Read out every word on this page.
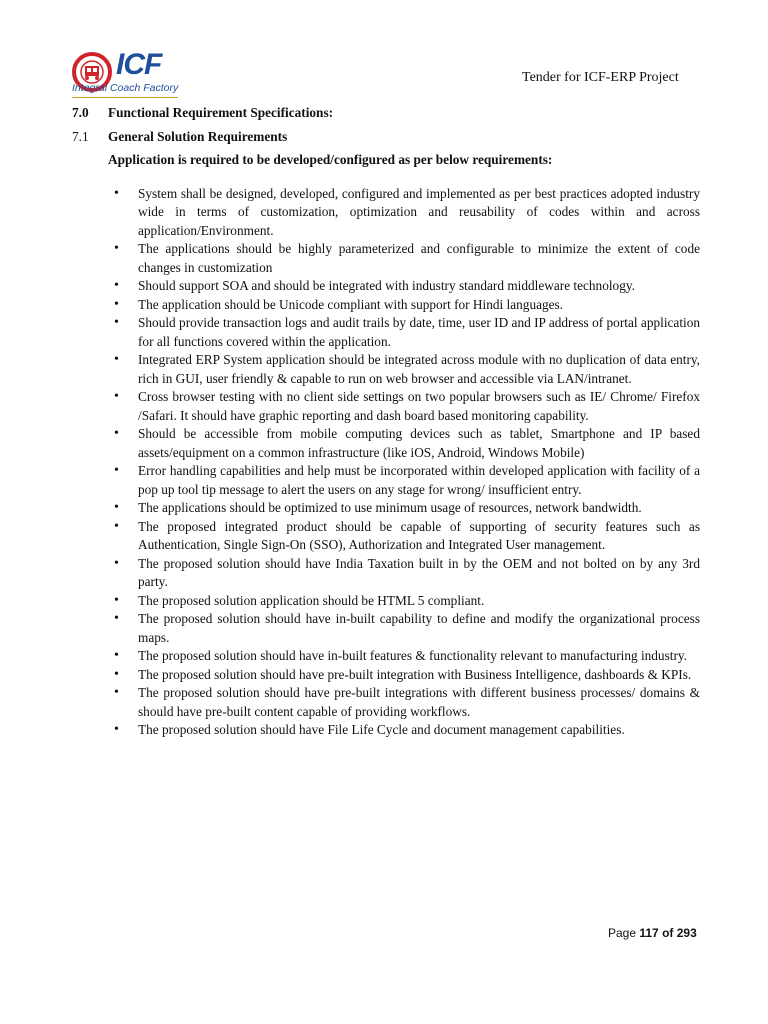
ICF
Integral Coach Factory
Tender for ICF-ERP Project
7.0	Functional Requirement Specifications:
7.1	General Solution Requirements
Application is required to be developed/configured as per below requirements:
• System shall be designed, developed, configured and implemented as per best practices adopted industry wide in terms of customization, optimization and reusability of codes within and across application/Environment.
• The applications should be highly parameterized and configurable to minimize the extent of code changes in customization
• Should support SOA and should be integrated with industry standard middleware technology.
• The application should be Unicode compliant with support for Hindi languages.
• Should provide transaction logs and audit trails by date, time, user ID and IP address of portal application for all functions covered within the application.
• Integrated ERP System application should be integrated across module with no duplication of data entry, rich in GUI, user friendly & capable to run on web browser and accessible via LAN/intranet.
• Cross browser testing with no client side settings on two popular browsers such as IE/ Chrome/ Firefox /Safari. It should have graphic reporting and dash board based monitoring capability.
• Should be accessible from mobile computing devices such as tablet, Smartphone and IP based assets/equipment on a common infrastructure (like iOS, Android, Windows Mobile)
• Error handling capabilities and help must be incorporated within developed application with facility of a pop up tool tip message to alert the users on any stage for wrong/ insufficient entry.
• The applications should be optimized to use minimum usage of resources, network bandwidth.
• The proposed integrated product should be capable of supporting of security features such as Authentication, Single Sign-On (SSO), Authorization and Integrated User management.
• The proposed solution should have India Taxation built in by the OEM and not bolted on by any 3rd party.
• The proposed solution application should be HTML 5 compliant.
• The proposed solution should have in-built capability to define and modify the organizational process maps.
• The proposed solution should have in-built features & functionality relevant to manufacturing industry.
• The proposed solution should have pre-built integration with Business Intelligence, dashboards & KPIs.
• The proposed solution should have pre-built integrations with different business processes/ domains & should have pre-built content capable of providing workflows.
• The proposed solution should have File Life Cycle and document management capabilities.
Page 117 of 293
